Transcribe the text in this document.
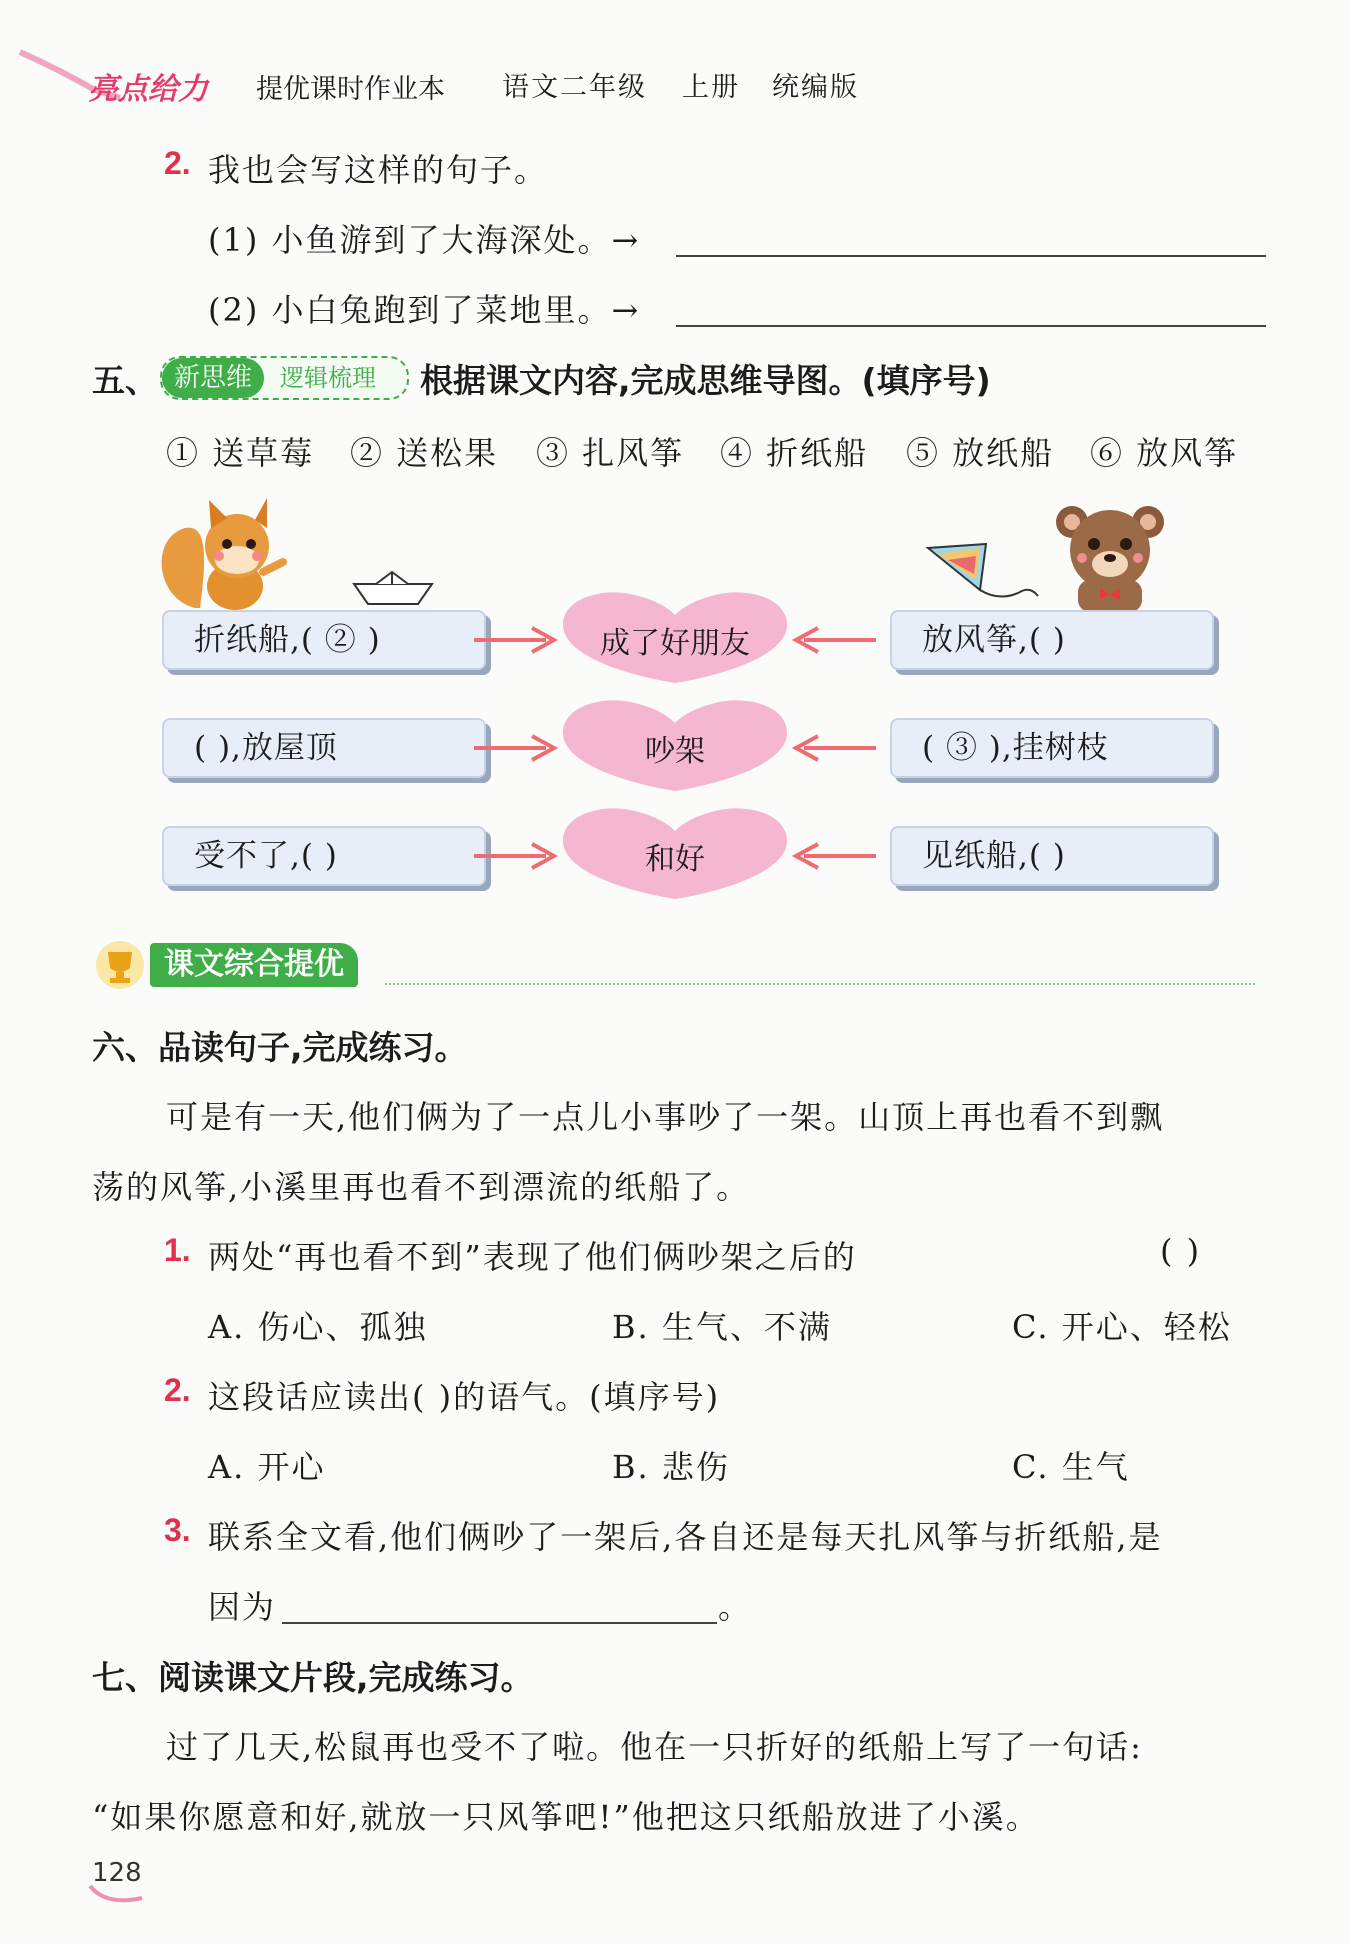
亮点给力 提优课时作业本 语文二年级 上册 统编版
2. 我也会写这样的句子。
(1) 小鱼游到了大海深处。→
(2) 小白兔跑到了菜地里。→
五、 新思维	逻辑梳理 根据课文内容,完成思维导图。(填序号)
① 送草莓 ② 送松果 ③ 扎风筝 ④ 折纸船 ⑤ 放纸船 ⑥ 放风筝
折纸船,( ② )	成了好朋友	放风筝,( )
( ),放屋顶	吵架	( ③ ),挂树枝
受不了,( )	和好	见纸船,( )
课文综合提优
六、品读句子,完成练习。
可是有一天,他们俩为了一点儿小事吵了一架。山顶上再也看不到飘
荡的风筝,小溪里再也看不到漂流的纸船了。
1. 两处“再也看不到”表现了他们俩吵架之后的	( )
A. 伤心、孤独	B. 生气、不满	C. 开心、轻松
2. 这段话应读出( )的语气。(填序号)
A. 开心	B. 悲伤	C. 生气
3. 联系全文看,他们俩吵了一架后,各自还是每天扎风筝与折纸船,是
因为	。
七、阅读课文片段,完成练习。
过了几天,松鼠再也受不了啦。他在一只折好的纸船上写了一句话:
“如果你愿意和好,就放一只风筝吧!”他把这只纸船放进了小溪。
128
